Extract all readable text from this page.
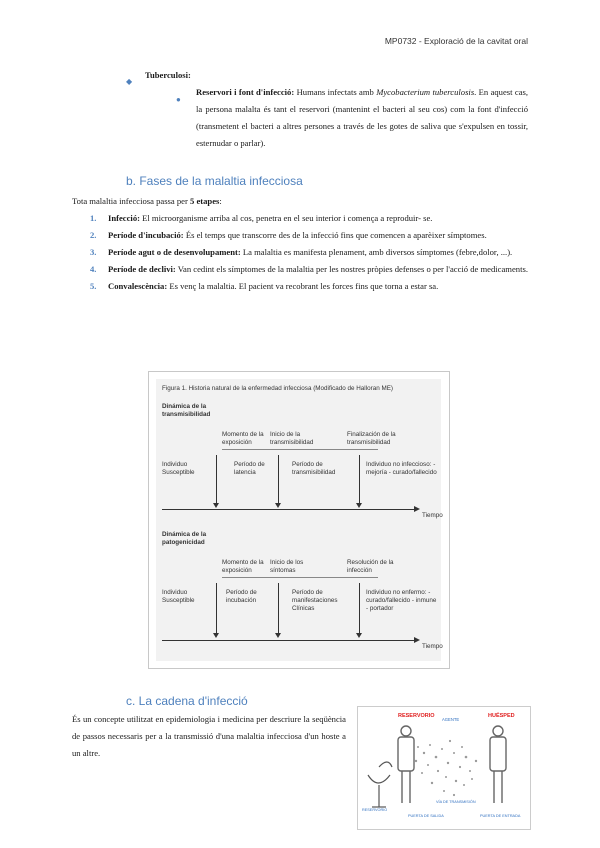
MP0732 - Exploració de la cavitat oral
◆
Tuberculosi:
●
Reservori i font d'infecció: Humans infectats amb Mycobacterium tuberculosis. En aquest cas, la persona malalta és tant el reservori (mantenint el bacteri al seu cos) com la font d'infecció (transmetent el bacteri a altres persones a través de les gotes de saliva que s'expulsen en tossir, esternudar o parlar).
b. Fases de la malaltia infecciosa
Tota malaltia infecciosa passa per 5 etapes:
1. Infecció: El microorganisme arriba al cos, penetra en el seu interior i comença a reproduir- se.
2. Període d'incubació: És el temps que transcorre des de la infecció fins que comencen a aparèixer símptomes.
3. Període agut o de desenvolupament: La malaltia es manifesta plenament, amb diversos símptomes (febre,dolor, ...).
4. Període de declivi: Van cedint els símptomes de la malaltia per les nostres pròpies defenses o per l'acció de medicaments.
5. Convalescència: Es venç la malaltia. El pacient va recobrant les forces fins que torna a estar sa.
Figura 1. Historia natural de la enfermedad infecciosa (Modificado de Halloran ME)
Dinámica de la transmisibilidad
Momento de la exposición
Inicio de la transmisibilidad
Finalización de la transmisibilidad
Individuo Susceptible
Período de latencia
Período de transmisibilidad
Individuo no infeccioso: - mejoría - curado/fallecido
Tiempo
Dinámica de la patogenicidad
Momento de la exposición
Inicio de los síntomas
Resolución de la infección
Individuo Susceptible
Período de incubación
Período de manifestaciones Clínicas
Individuo no enfermo: - curado/fallecido - inmune - portador
Tiempo
c. La cadena d'infecció
És un concepte utilitzat en epidemiologia i medicina per descriure la seqüència de passos necessaris per a la transmissió d'una malaltia infecciosa d'un hoste a un altre.
RESERVORIO	HUÉSPED
AGENTE
RESERVORIO
PUERTA DE SALIDA
VÍA DE TRANSMISIÓN
PUERTA DE ENTRADA
